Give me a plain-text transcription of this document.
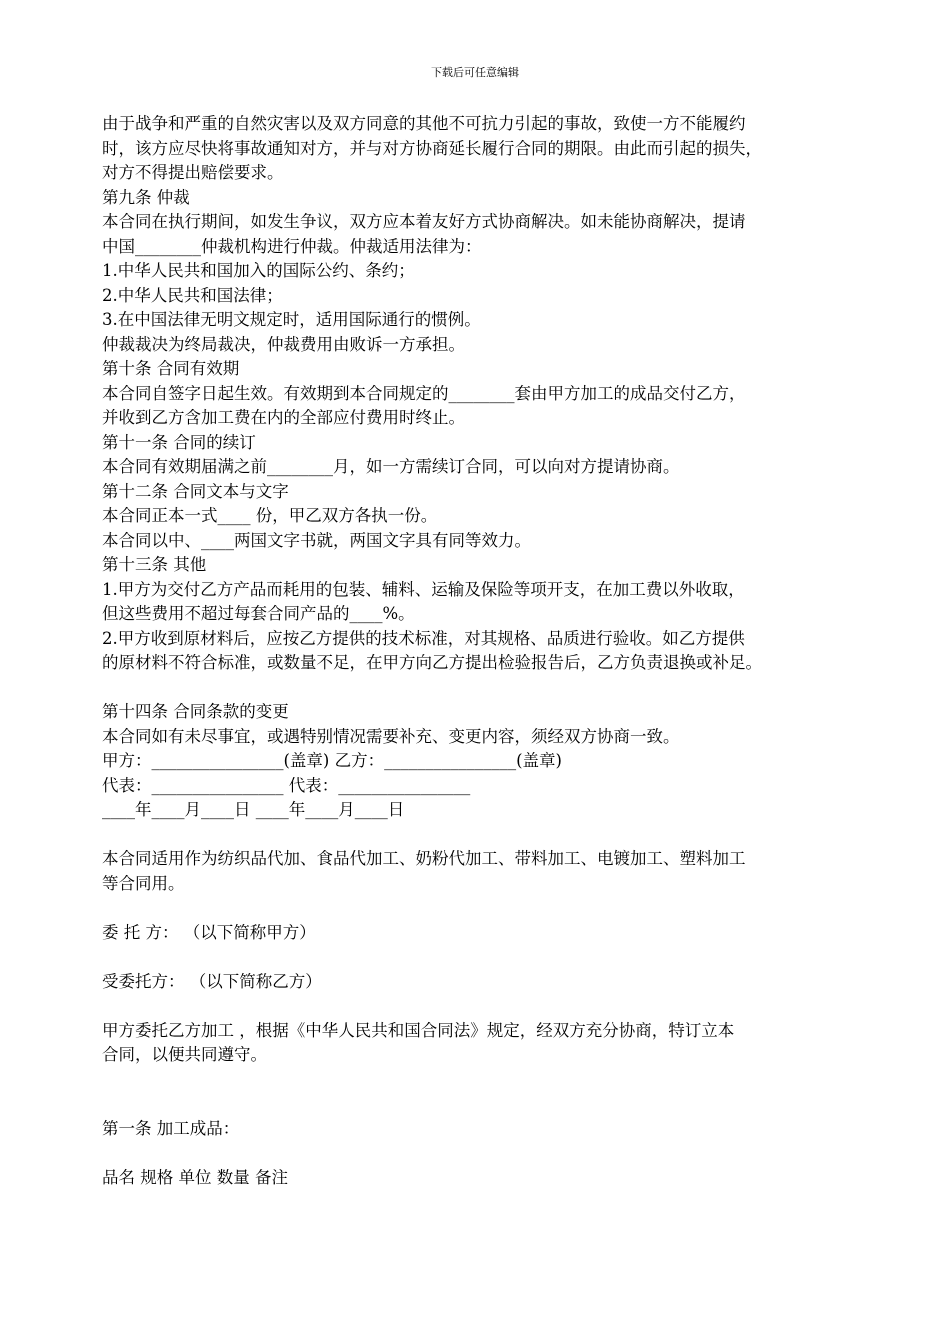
下载后可任意编辑

由于战争和严重的自然灾害以及双方同意的其他不可抗力引起的事故，致使一方不能履约

时，该方应尽快将事故通知对方，并与对方协商延长履行合同的期限。由此而引起的损失，

对方不得提出赔偿要求。

第九条 仲裁

本合同在执行期间，如发生争议，双方应本着友好方式协商解决。如未能协商解决，提请

中国________仲裁机构进行仲裁。仲裁适用法律为：

1.中华人民共和国加入的国际公约、条约；

2.中华人民共和国法律；

3.在中国法律无明文规定时，适用国际通行的惯例。

仲裁裁决为终局裁决，仲裁费用由败诉一方承担。

第十条 合同有效期

本合同自签字日起生效。有效期到本合同规定的________套由甲方加工的成品交付乙方，

并收到乙方含加工费在内的全部应付费用时终止。

第十一条 合同的续订

本合同有效期届满之前________月，如一方需续订合同，可以向对方提请协商。

第十二条 合同文本与文字

本合同正本一式____ 份，甲乙双方各执一份。

本合同以中、____两国文字书就，两国文字具有同等效力。

第十三条 其他

1.甲方为交付乙方产品而耗用的包装、辅料、运输及保险等项开支，在加工费以外收取，

但这些费用不超过每套合同产品的____%。

2.甲方收到原材料后，应按乙方提供的技术标准，对其规格、品质进行验收。如乙方提供

的原材料不符合标准，或数量不足，在甲方向乙方提出检验报告后，乙方负责退换或补足。

第十四条 合同条款的变更

本合同如有未尽事宜，或遇特别情况需要补充、变更内容，须经双方协商一致。

甲方：________________(盖章) 乙方：________________(盖章)

代表：________________ 代表：________________

____年____月____日 ____年____月____日

本合同适用作为纺织品代加、食品代加工、奶粉代加工、带料加工、电镀加工、塑料加工

等合同用。

委 托 方： （以下简称甲方）

受委托方： （以下简称乙方）

甲方委托乙方加工 ，根据《中华人民共和国合同法》规定，经双方充分协商，特订立本

合同，以便共同遵守。

第一条 加工成品：

品名 规格 单位 数量 备注
